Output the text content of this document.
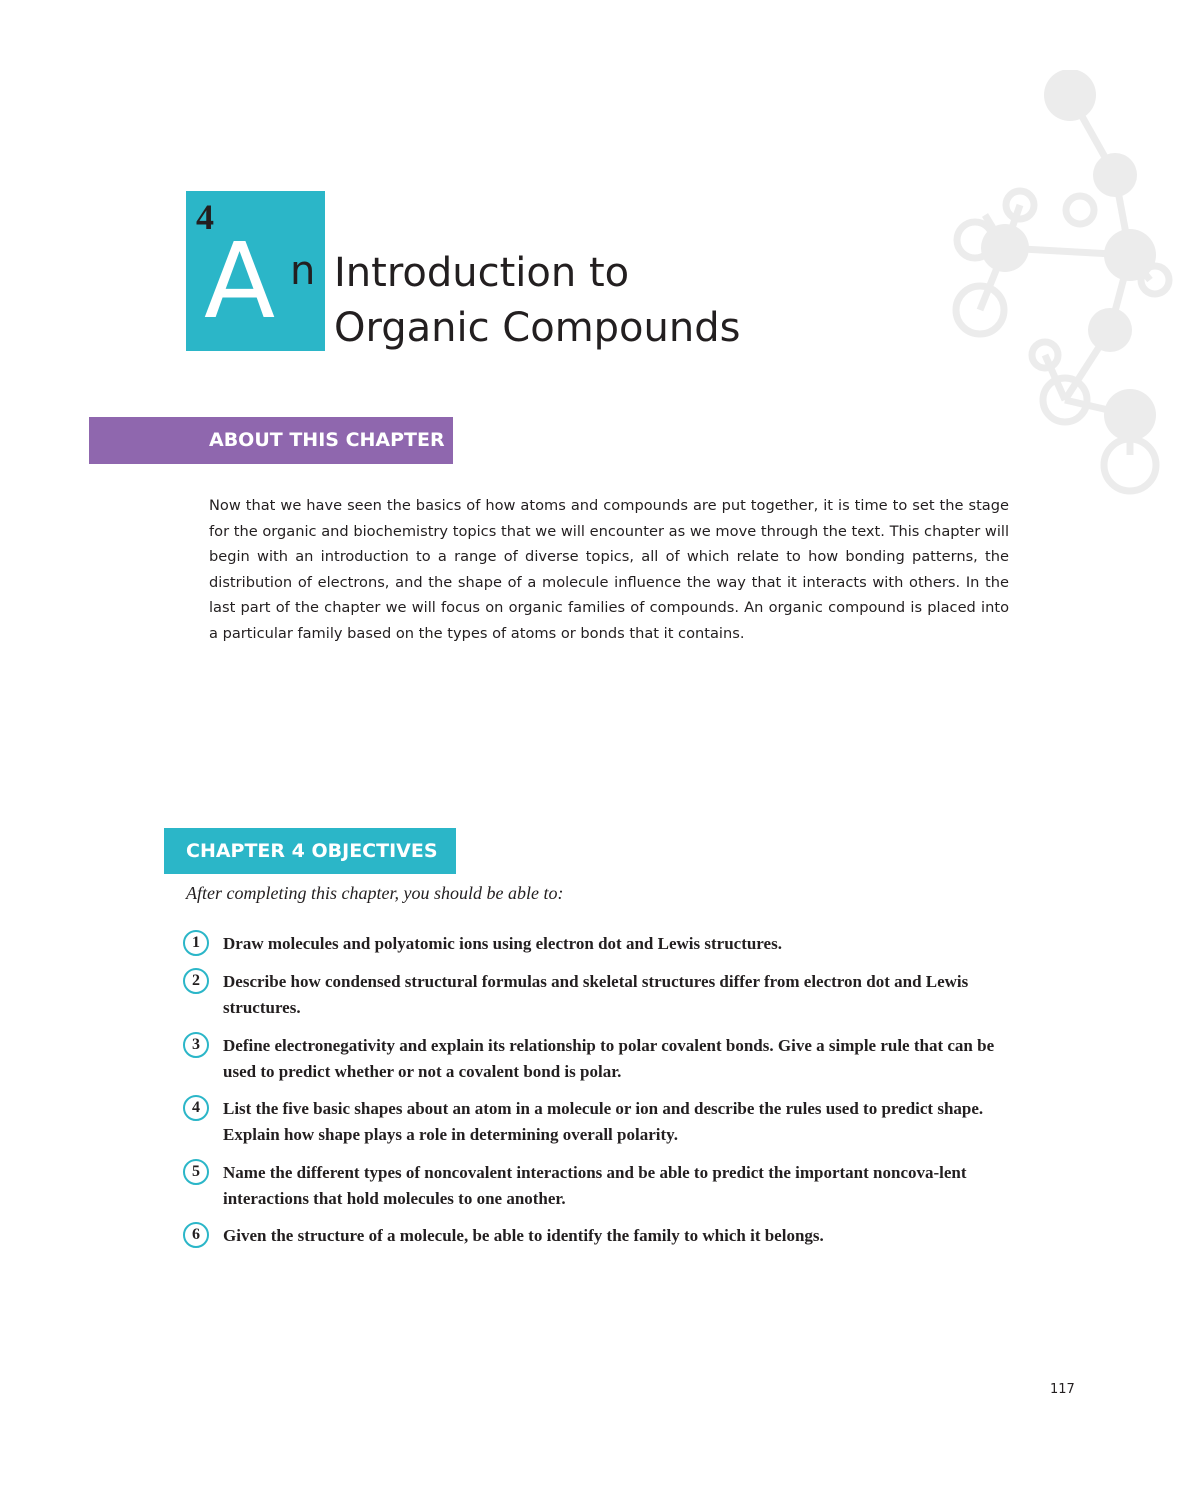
4
A n Introduction to
Organic Compounds
ABOUT THIS CHAPTER

Now that we have seen the basics of how atoms and compounds are put together, it is time to set the stage for the organic and biochemistry topics that we will encounter as we move through the text. This chapter will begin with an introduction to a range of diverse topics, all of which relate to how bonding patterns, the distribution of electrons, and the shape of a molecule influence the way that it interacts with others. In the last part of the chapter we will focus on organic families of compounds. An organic compound is placed into a particular family based on the types of atoms or bonds that it contains.

CHAPTER 4 OBJECTIVES

After completing this chapter, you should be able to:

1	Draw molecules and polyatomic ions using electron dot and Lewis structures.
2	Describe how condensed structural formulas and skeletal structures differ from electron dot and Lewis structures.
3	Define electronegativity and explain its relationship to polar covalent bonds. Give a simple rule that can be used to predict whether or not a covalent bond is polar.
4	List the five basic shapes about an atom in a molecule or ion and describe the rules used to predict shape. Explain how shape plays a role in determining overall polarity.
5	Name the different types of noncovalent interactions and be able to predict the important noncova-lent interactions that hold molecules to one another.
6	Given the structure of a molecule, be able to identify the family to which it belongs.
117
